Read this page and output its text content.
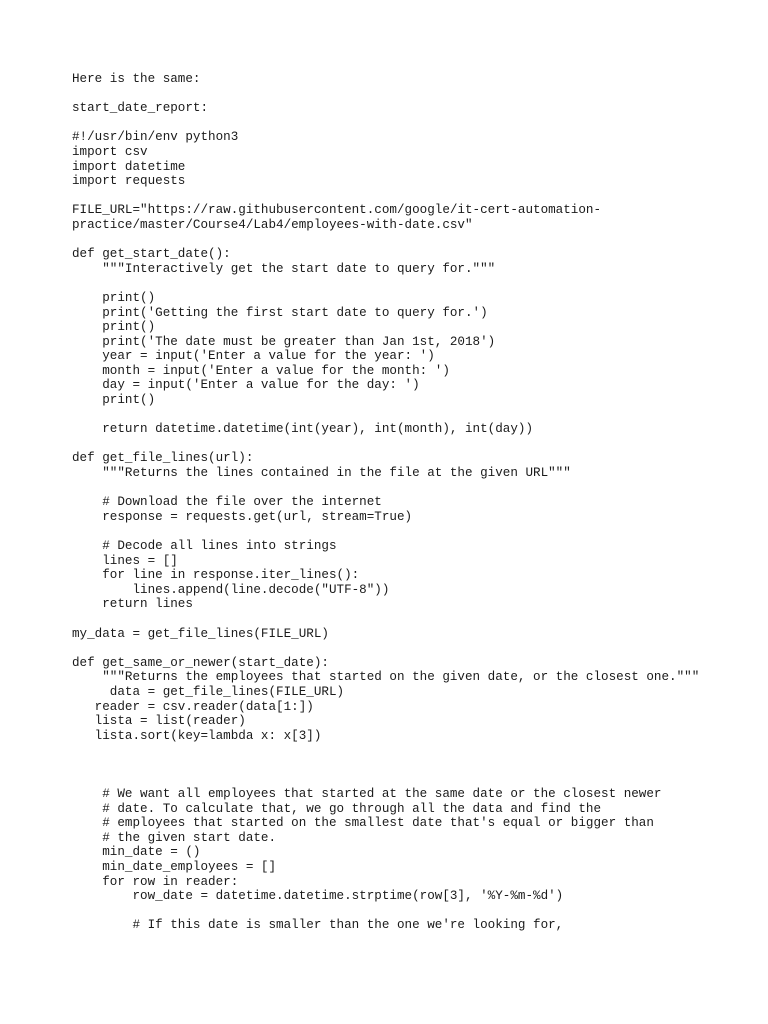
Here is the same:
start_date_report:
#!/usr/bin/env python3
import csv
import datetime
import requests
FILE_URL="https://raw.githubusercontent.com/google/it-cert-automation-
practice/master/Course4/Lab4/employees-with-date.csv"
def get_start_date():
"""Interactively get the start date to query for."""
print()
print('Getting the first start date to query for.')
print()
print('The date must be greater than Jan 1st, 2018')
year = input('Enter a value for the year: ')
month = input('Enter a value for the month: ')
day = input('Enter a value for the day: ')
print()
return datetime.datetime(int(year), int(month), int(day))
def get_file_lines(url):
"""Returns the lines contained in the file at the given URL"""
# Download the file over the internet
response = requests.get(url, stream=True)
# Decode all lines into strings
lines = []
for line in response.iter_lines():
lines.append(line.decode("UTF-8"))
return lines
my_data = get_file_lines(FILE_URL)
def get_same_or_newer(start_date):
"""Returns the employees that started on the given date, or the closest one."""
data = get_file_lines(FILE_URL)
reader = csv.reader(data[1:])
lista = list(reader)
lista.sort(key=lambda x: x[3])
# We want all employees that started at the same date or the closest newer
# date. To calculate that, we go through all the data and find the
# employees that started on the smallest date that's equal or bigger than
# the given start date.
min_date = ()
min_date_employees = []
for row in reader:
row_date = datetime.datetime.strptime(row[3], '%Y-%m-%d')
# If this date is smaller than the one we're looking for,
